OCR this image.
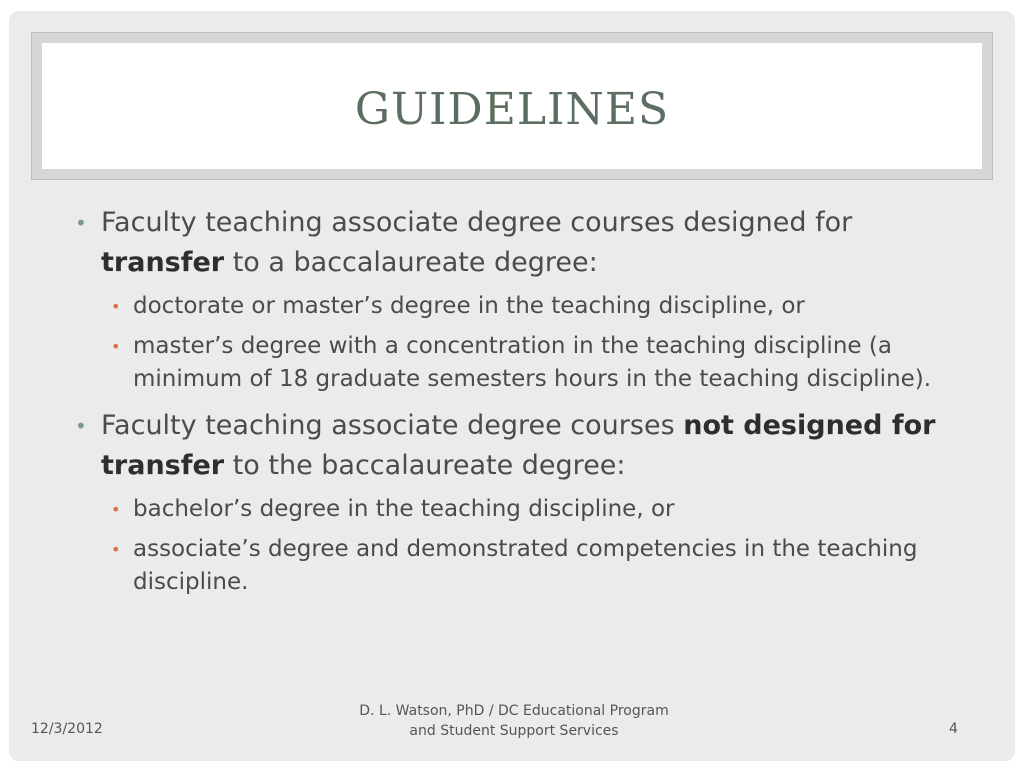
GUIDELINES
• Faculty teaching associate degree courses designed for transfer to a baccalaureate degree:
• doctorate or master’s degree in the teaching discipline, or
• master’s degree with a concentration in the teaching discipline (a minimum of 18 graduate semesters hours in the teaching discipline).
• Faculty teaching associate degree courses not designed for transfer to the baccalaureate degree:
• bachelor’s degree in the teaching discipline, or
• associate’s degree and demonstrated competencies in the teaching discipline.
12/3/2012
D. L. Watson, PhD / DC Educational Program and Student Support Services	4
